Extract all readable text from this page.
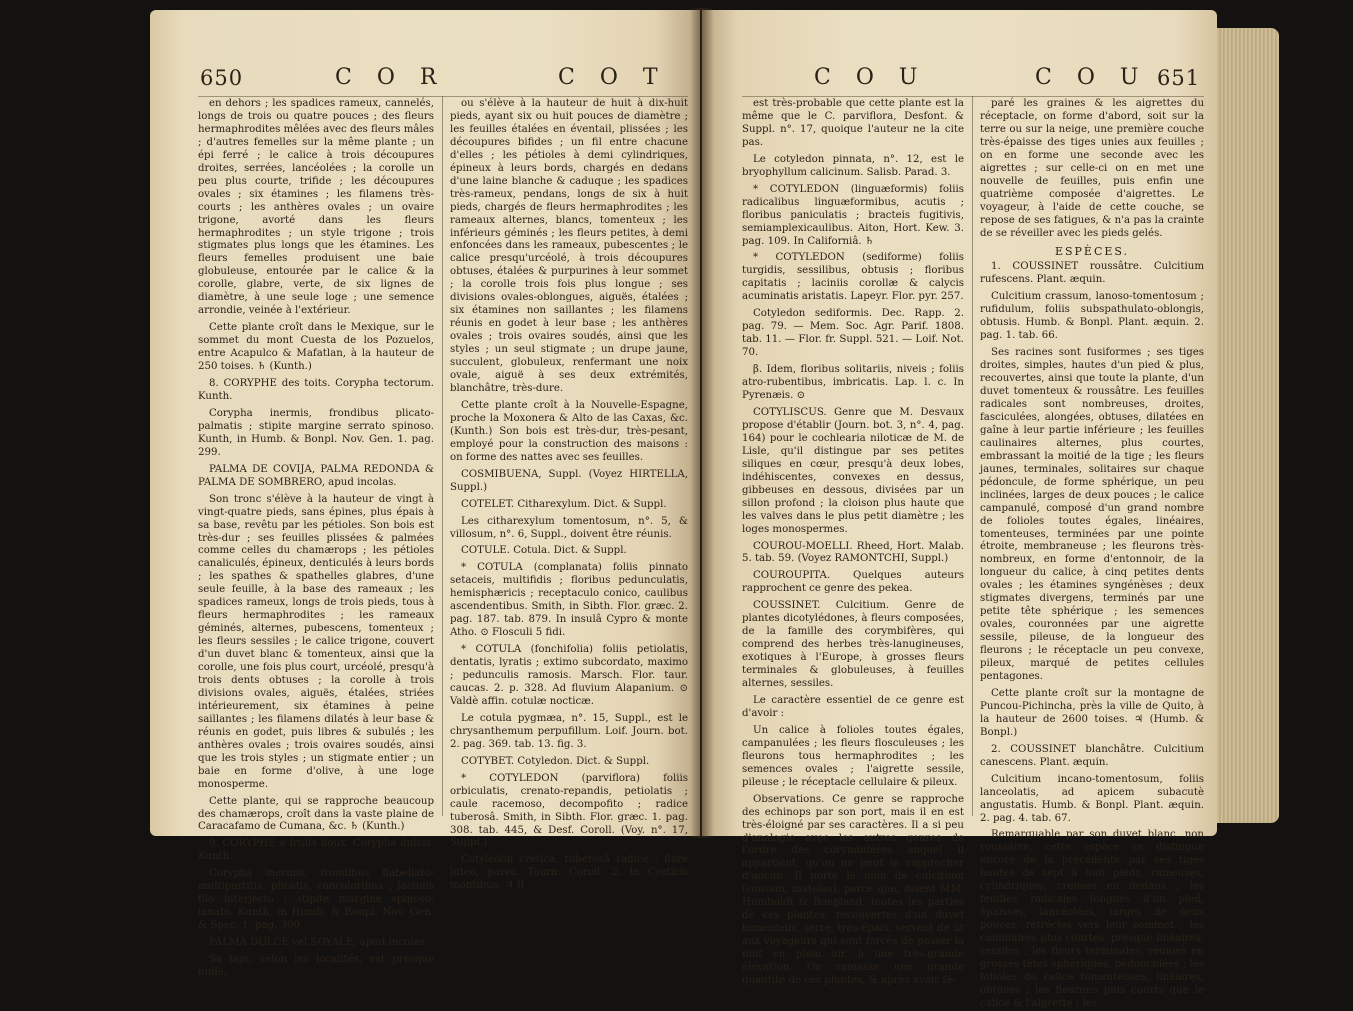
650	C O R	C O T

en dehors ; les spadices rameux, cannelés, longs de trois ou quatre pouces ; des fleurs hermaphrodites mêlées avec des fleurs mâles ; d'autres femelles sur la même plante ; un épi ferré ; le calice à trois découpures droites, serrées, lancéolées ; la corolle un peu plus courte, trifide ; les découpures ovales ; six étamines ; les filamens très-courts ; les anthères ovales ; un ovaire trigone, avorté dans les fleurs hermaphrodites ; un style trigone ; trois stigmates plus longs que les étamines. Les fleurs femelles produisent une baie globuleuse, entourée par le calice & la corolle, glabre, verte, de six lignes de diamètre, à une seule loge ; une semence arrondie, veinée à l'extérieur.

Cette plante croît dans le Mexique, sur le sommet du mont Cuesta de los Pozuelos, entre Acapulco & Mafatlan, à la hauteur de 250 toises. ♄ (Kunth.)

8. CORYPHE des toits. Corypha tectorum. Kunth.

Corypha inermis, frondibus plicato-palmatis ; stipite margine serrato spinoso. Kunth, in Humb. & Bonpl. Nov. Gen. 1. pag. 299.

PALMA DE COVIJA, PALMA REDONDA & PALMA DE SOMBRERO, apud incolas.

Son tronc s'élève à la hauteur de vingt à vingt-quatre pieds, sans épines, plus épais à sa base, revêtu par les pétioles. Son bois est très-dur ; ses feuilles plissées & palmées comme celles du chamærops ; les pétioles canaliculés, épineux, denticulés à leurs bords ; les spathes & spathelles glabres, d'une seule feuille, à la base des rameaux ; les spadices rameux, longs de trois pieds, tous à fleurs hermaphrodites ; les rameaux géminés, alternes, pubescens, tomenteux ; les fleurs sessiles ; le calice trigone, couvert d'un duvet blanc & tomenteux, ainsi que la corolle, une fois plus court, urcéolé, presqu'à trois dents obtuses ; la corolle à trois divisions ovales, aiguës, étalées, striées intérieurement, six étamines à peine saillantes ; les filamens dilatés à leur base & réunis en godet, puis libres & subulés ; les anthères ovales ; trois ovaires soudés, ainsi que les trois styles ; un stigmate entier ; un baie en forme d'olive, à une loge monosperme.

Cette plante, qui se rapproche beaucoup des chamærops, croît dans la vaste plaine de Caracafamo de Cumana, &c. ♄ (Kunth.)

9. CORYPHE à fruits doux. Corypha dulcis. Kunth.

Corypha inermis, frondibus flabellato-multipartitis, plicatis, concoloribus ; laciniis filo interjecto ; stipite margine spinoso, lanato. Kunth, in Humb. & Bonpl. Nov. Gen. & Spec. 1. pag. 300.

PALMA DULCE vel SOYALE, apud incolas.

Sa tige, selon les localités, est presque nulle,

ou s'élève à la hauteur de huit à dix-huit pieds, ayant six ou huit pouces de diamètre ; les feuilles étalées en éventail, plissées ; les découpures bifides ; un fil entre chacune d'elles ; les pétioles à demi cylindriques, épineux à leurs bords, chargés en dedans d'une laine blanche & caduque ; les spadices très-rameux, pendans, longs de six à huit pieds, chargés de fleurs hermaphrodites ; les rameaux alternes, blancs, tomenteux ; les inférieurs géminés ; les fleurs petites, à demi enfoncées dans les rameaux, pubescentes ; le calice presqu'urcéolé, à trois découpures obtuses, étalées & purpurines à leur sommet ; la corolle trois fois plus longue ; ses divisions ovales-oblongues, aiguës, étalées ; six étamines non saillantes ; les filamens réunis en godet à leur base ; les anthères ovales ; trois ovaires soudés, ainsi que les styles ; un seul stigmate ; un drupe jaune, succulent, globuleux, renfermant une noix ovale, aiguë à ses deux extrémités, blanchâtre, très-dure.

Cette plante croît à la Nouvelle-Espagne, proche la Moxonera & Alto de las Caxas, &c. (Kunth.) Son bois est très-dur, très-pesant, employé pour la construction des maisons : on forme des nattes avec ses feuilles.

COSMIBUENA, Suppl. (Voyez HIRTELLA, Suppl.)

COTELET. Citharexylum. Dict. & Suppl.

Les citharexylum tomentosum, n°. 5, & villosum, n°. 6, Suppl., doivent être réunis.

COTULE. Cotula. Dict. & Suppl.

* COTULA (complanata) foliis pinnato setaceis, multifidis ; floribus pedunculatis, hemisphæricis ; receptaculo conico, caulibus ascendentibus. Smith, in Sibth. Flor. græc. 2. pag. 187. tab. 879. In insulâ Cypro & monte Atho. ⊙ Flosculi 5 fidi.

* COTULA (fonchifolia) foliis petiolatis, dentatis, lyratis ; extimo subcordato, maximo ; pedunculis ramosis. Marsch. Flor. taur. caucas. 2. p. 328. Ad fluvium Alapanium. ⊙ Valdè affin. cotulæ nocticæ.

Le cotula pygmæa, n°. 15, Suppl., est le chrysanthemum perpufillum. Loif. Journ. bot. 2. pag. 369. tab. 13. fig. 3.

COTYBET. Cotyledon. Dict. & Suppl.

* COTYLEDON (parviflora) foliis orbiculatis, crenato-repandis, petiolatis ; caule racemoso, decompofito ; radice tuberosâ. Smith, in Sibth. Flor. græc. 1. pag. 308. tab. 445, & Desf. Coroll. (Voy. n°. 17, Suppl.)

Cotyledon cretica, tuberosâ radice ; flore luteo, parvo. Tourn. Coroll. 2. In Creticis montibus. ♃ Il

C O U	C O U 651

est très-probable que cette plante est la même que le C. parviflora, Desfont. & Suppl. n°. 17, quoique l'auteur ne la cite pas.

Le cotyledon pinnata, n°. 12, est le bryophyllum calicinum. Salisb. Parad. 3.

* COTYLEDON (linguæformis) foliis radicalibus linguæformibus, acutis ; floribus paniculatis ; bracteis fugitivis, semiamplexicaulibus. Aiton, Hort. Kew. 3. pag. 109. In Californiâ. ♄

* COTYLEDON (sediforme) foliis turgidis, sessilibus, obtusis ; floribus capitatis ; laciniis corollæ & calycis acuminatis aristatis. Lapeyr. Flor. pyr. 257.

Cotyledon sediformis. Dec. Rapp. 2. pag. 79. — Mem. Soc. Agr. Parif. 1808. tab. 11. — Flor. fr. Suppl. 521. — Loif. Not. 70.

β. Idem, floribus solitariis, niveis ; foliis atro-rubentibus, imbricatis. Lap. l. c. In Pyrenæis. ⊙

COTYLISCUS. Genre que M. Desvaux propose d'établir (Journ. bot. 3, n°. 4, pag. 164) pour le cochlearia niloticæ de M. de Lisle, qu'il distingue par ses petites siliques en cœur, presqu'à deux lobes, indéhiscentes, convexes en dessus, gibbeuses en dessous, divisées par un sillon profond ; la cloison plus haute que les valves dans le plus petit diamètre ; les loges monospermes.

COUROU-MOELLI. Rheed, Hort. Malab. 5. tab. 59. (Voyez RAMONTCHI, Suppl.)

COUROUPITA. Quelques auteurs rapprochent ce genre des pekea.

COUSSINET. Culcitium. Genre de plantes dicotylédones, à fleurs composées, de la famille des corymbifères, qui comprend des herbes très-lanugineuses, exotiques à l'Europe, à grosses fleurs terminales & globuleuses, à feuilles alternes, sessiles.

Le caractère essentiel de ce genre est d'avoir :

Un calice à folioles toutes égales, campanulées ; les fleurs flosculeuses ; les fleurons tous hermaphrodites ; les semences ovales ; l'aigrette sessile, pileuse ; le réceptacle cellulaire & pileux.

Observations. Ce genre se rapproche des echinops par son port, mais il en est très-éloigné par ses caractères. Il a si peu d'analogie avec les autres genres de l'ordre des corymbifères auquel il appartient, qu'on ne peut le rapprocher d'aucun. Il porte le nom de culcitium (coussin, matelas), parce que, disent MM. Humboldt & Bonpland, toutes les parties de ces plantes, recouvertes d'un duvet tomenteux, serré, très-épais, servent de lit aux voyageurs qui sont forcés de passer la nuit en plein air, à une très-grande élévation. On ramasse une grande quantité de ces plantes, & après avoir fé-

paré les graines & les aigrettes du réceptacle, on forme d'abord, soit sur la terre ou sur la neige, une première couche très-épaisse des tiges unies aux feuilles ; on en forme une seconde avec les aigrettes ; sur celle-ci on en met une nouvelle de feuilles, puis enfin une quatrième composée d'aigrettes. Le voyageur, à l'aide de cette couche, se repose de ses fatigues, & n'a pas la crainte de se réveiller avec les pieds gelés.

ESPÈCES.

1. COUSSINET roussâtre. Culcitium rufescens. Plant. æquin.

Culcitium crassum, lanoso-tomentosum ; rufidulum, foliis subspathulato-oblongis, obtusis. Humb. & Bonpl. Plant. æquin. 2. pag. 1. tab. 66.

Ses racines sont fusiformes ; ses tiges droites, simples, hautes d'un pied & plus, recouvertes, ainsi que toute la plante, d'un duvet tomenteux & roussâtre. Les feuilles radicales sont nombreuses, droites, fasciculées, alongées, obtuses, dilatées en gaîne à leur partie inférieure ; les feuilles caulinaires alternes, plus courtes, embrassant la moitié de la tige ; les fleurs jaunes, terminales, solitaires sur chaque pédoncule, de forme sphérique, un peu inclinées, larges de deux pouces ; le calice campanulé, composé d'un grand nombre de folioles toutes égales, linéaires, tomenteuses, terminées par une pointe étroite, membraneuse ; les fleurons très-nombreux, en forme d'entonnoir, de la longueur du calice, à cinq petites dents ovales ; les étamines syngénèses ; deux stigmates divergens, terminés par une petite tête sphérique ; les semences ovales, couronnées par une aigrette sessile, pileuse, de la longueur des fleurons ; le réceptacle un peu convexe, pileux, marqué de petites cellules pentagones.

Cette plante croît sur la montagne de Puncou-Pichincha, près la ville de Quito, à la hauteur de 2600 toises. ♃ (Humb. & Bonpl.)

2. COUSSINET blanchâtre. Culcitium canescens. Plant. æquin.

Culcitium incano-tomentosum, foliis lanceolatis, ad apicem subacutè angustatis. Humb. & Bonpl. Plant. æquin. 2. pag. 4. tab. 67.

Remarquable par son duvet blanc, non roussâtre, cette espèce se distingue encore de la précédente par ses tiges hautes de sept à huit pieds, rameuses, cylindriques, creuses en dedans ; les feuilles radicales longues d'un pied, épaisses, lancéolées, larges de deux pouces, rétrécies vers leur sommet ; les caulinaires plus courtes, presque linéaires, sessiles ; les fleurs terminales, réunies en grosses têtes sphériques, pédonculées ; les folioles du calice tomenteuses, linéaires, obtuses ; les fleurons plus courts que le calice & l'aigrette ; les
